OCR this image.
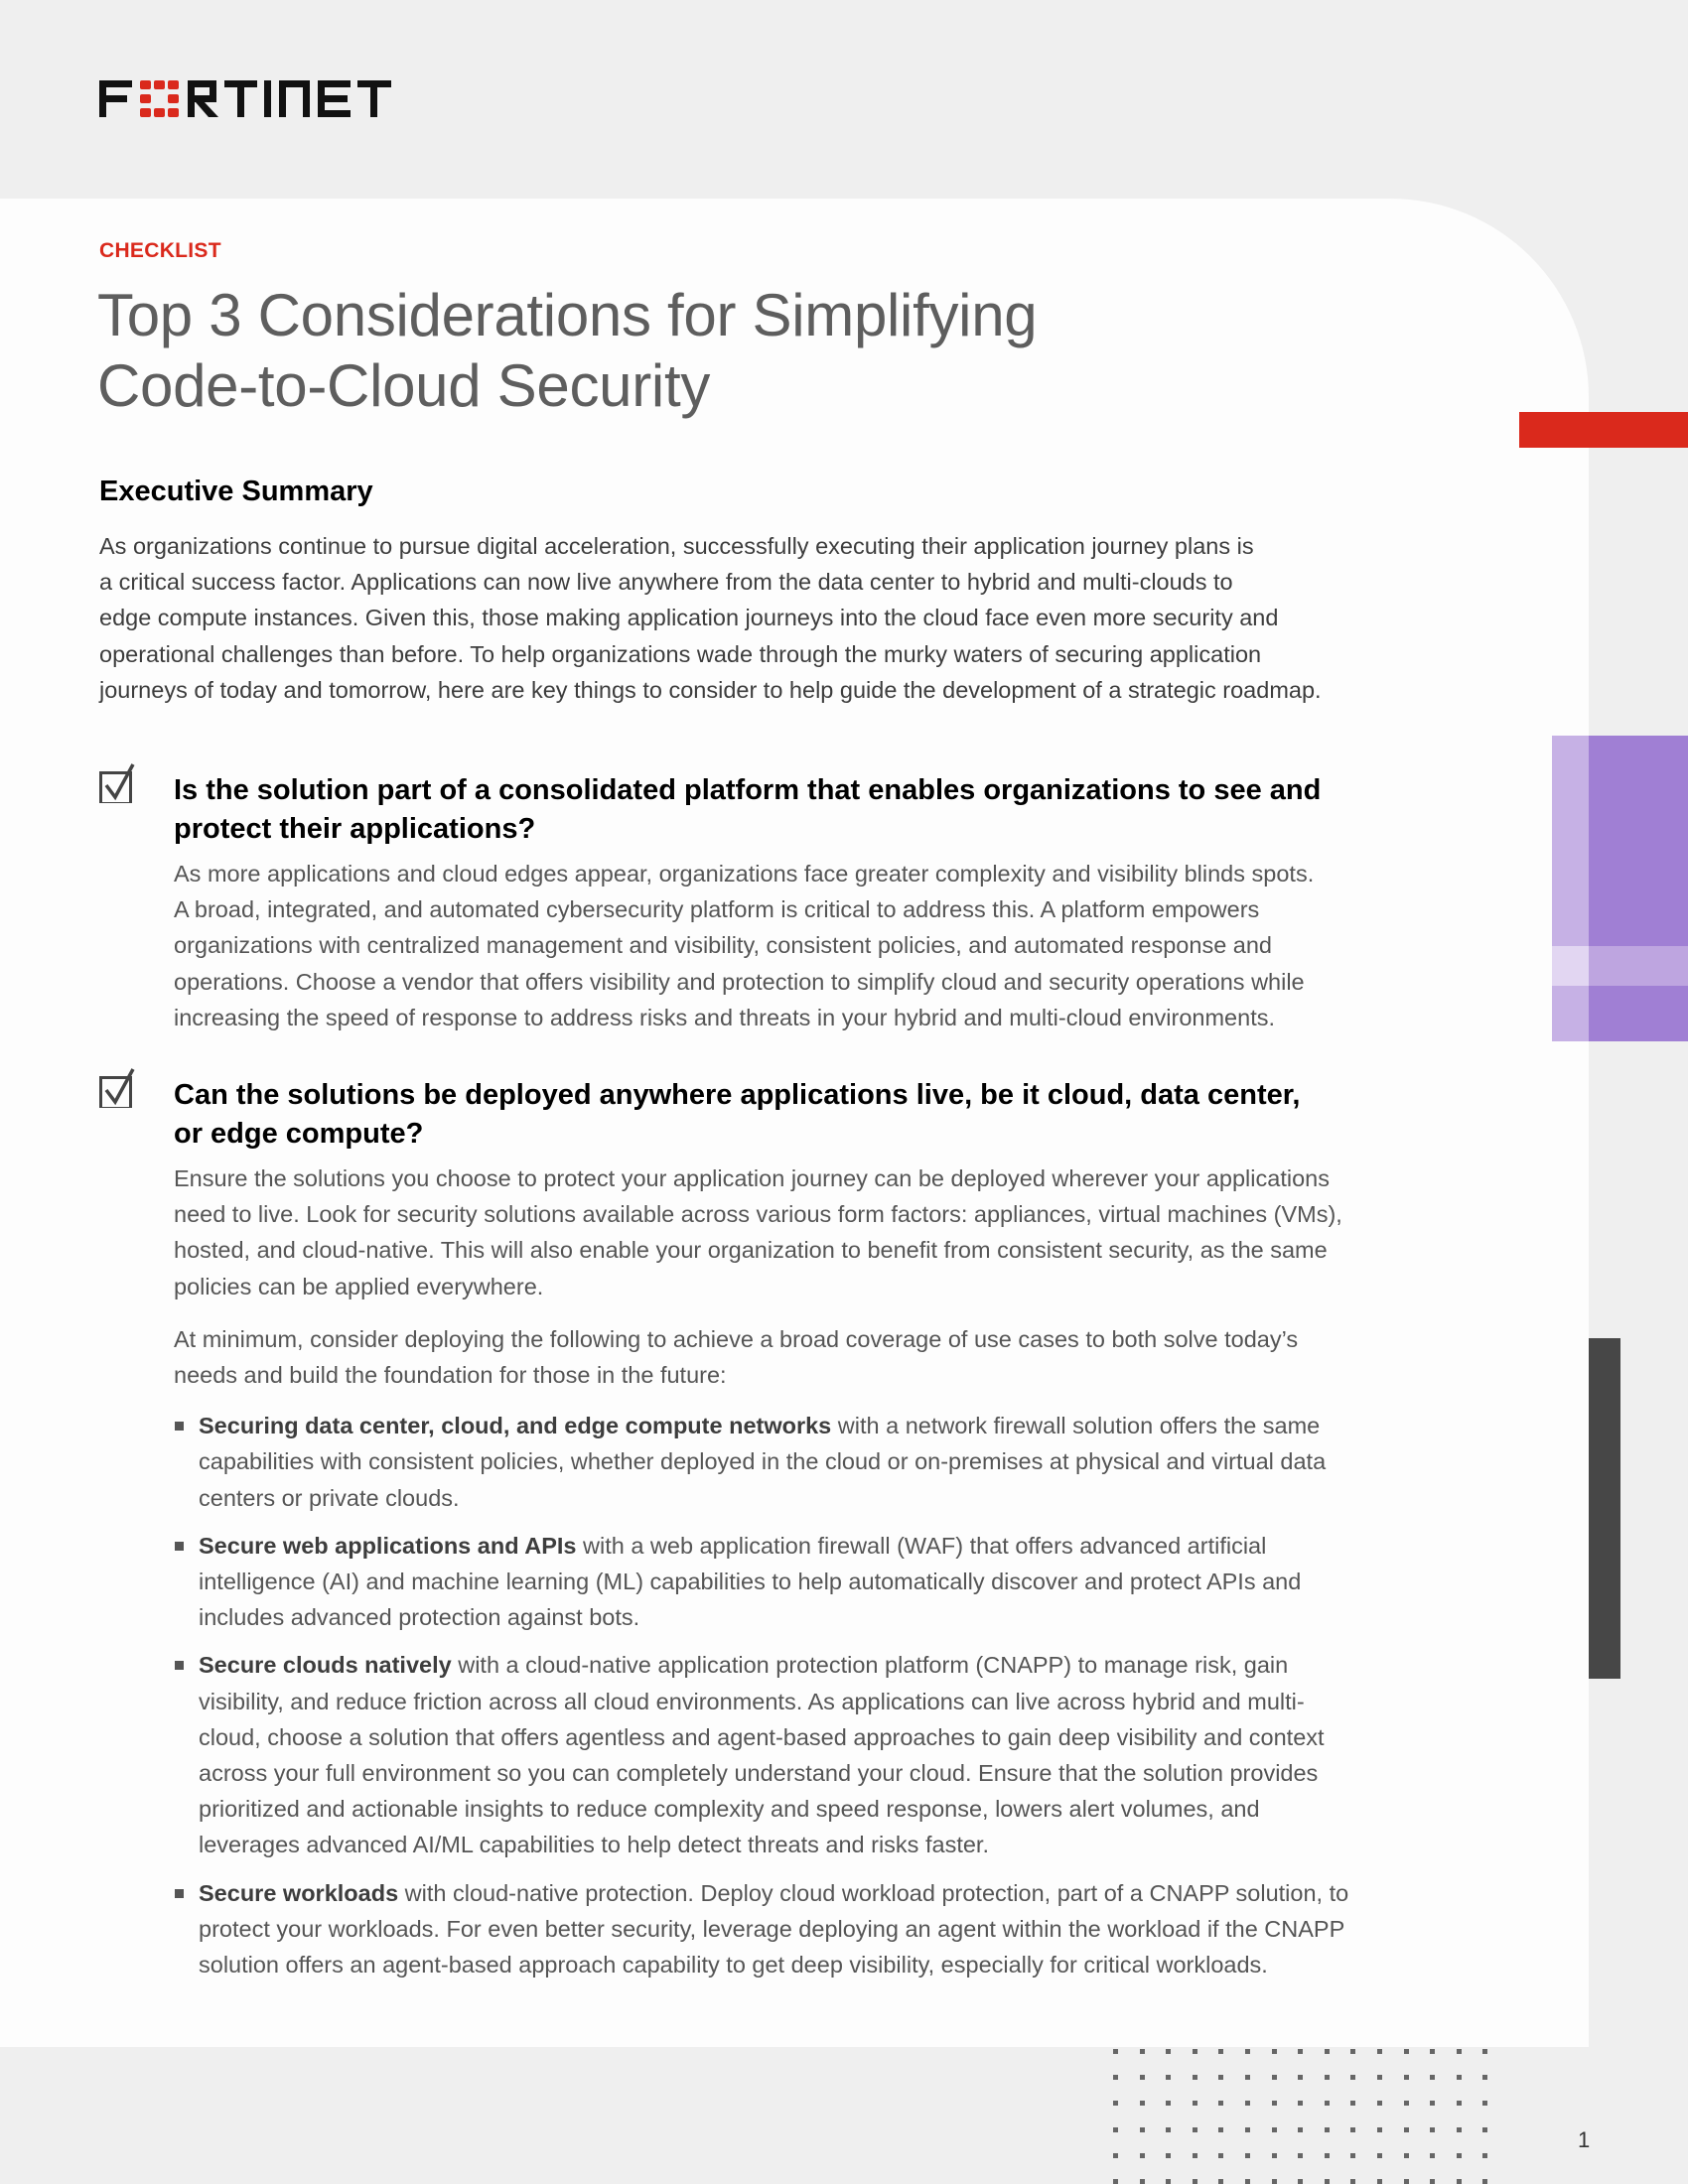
CHECKLIST
Top 3 Considerations for Simplifying
Code-to-Cloud Security
Executive Summary
As organizations continue to pursue digital acceleration, successfully executing their application journey plans is
a critical success factor. Applications can now live anywhere from the data center to hybrid and multi-clouds to
edge compute instances. Given this, those making application journeys into the cloud face even more security and
operational challenges than before. To help organizations wade through the murky waters of securing application
journeys of today and tomorrow, here are key things to consider to help guide the development of a strategic roadmap.
Is the solution part of a consolidated platform that enables organizations to see and
protect their applications?
As more applications and cloud edges appear, organizations face greater complexity and visibility blinds spots.
A broad, integrated, and automated cybersecurity platform is critical to address this. A platform empowers
organizations with centralized management and visibility, consistent policies, and automated response and
operations. Choose a vendor that offers visibility and protection to simplify cloud and security operations while
increasing the speed of response to address risks and threats in your hybrid and multi-cloud environments.
Can the solutions be deployed anywhere applications live, be it cloud, data center,
or edge compute?

Ensure the solutions you choose to protect your application journey can be deployed wherever your applications
need to live. Look for security solutions available across various form factors: appliances, virtual machines (VMs),
hosted, and cloud-native. This will also enable your organization to benefit from consistent security, as the same
policies can be applied everywhere.

At minimum, consider deploying the following to achieve a broad coverage of use cases to both solve today’s
needs and build the foundation for those in the future:

Securing data center, cloud, and edge compute networks with a network firewall solution offers the same
capabilities with consistent policies, whether deployed in the cloud or on-premises at physical and virtual data
centers or private clouds.
Secure web applications and APIs with a web application firewall (WAF) that offers advanced artificial
intelligence (AI) and machine learning (ML) capabilities to help automatically discover and protect APIs and
includes advanced protection against bots.
Secure clouds natively with a cloud-native application protection platform (CNAPP) to manage risk, gain
visibility, and reduce friction across all cloud environments. As applications can live across hybrid and multi-
cloud, choose a solution that offers agentless and agent-based approaches to gain deep visibility and context
across your full environment so you can completely understand your cloud. Ensure that the solution provides
prioritized and actionable insights to reduce complexity and speed response, lowers alert volumes, and
leverages advanced AI/ML capabilities to help detect threats and risks faster.
Secure workloads with cloud-native protection. Deploy cloud workload protection, part of a CNAPP solution, to
protect your workloads. For even better security, leverage deploying an agent within the workload if the CNAPP
solution offers an agent-based approach capability to get deep visibility, especially for critical workloads.
1
